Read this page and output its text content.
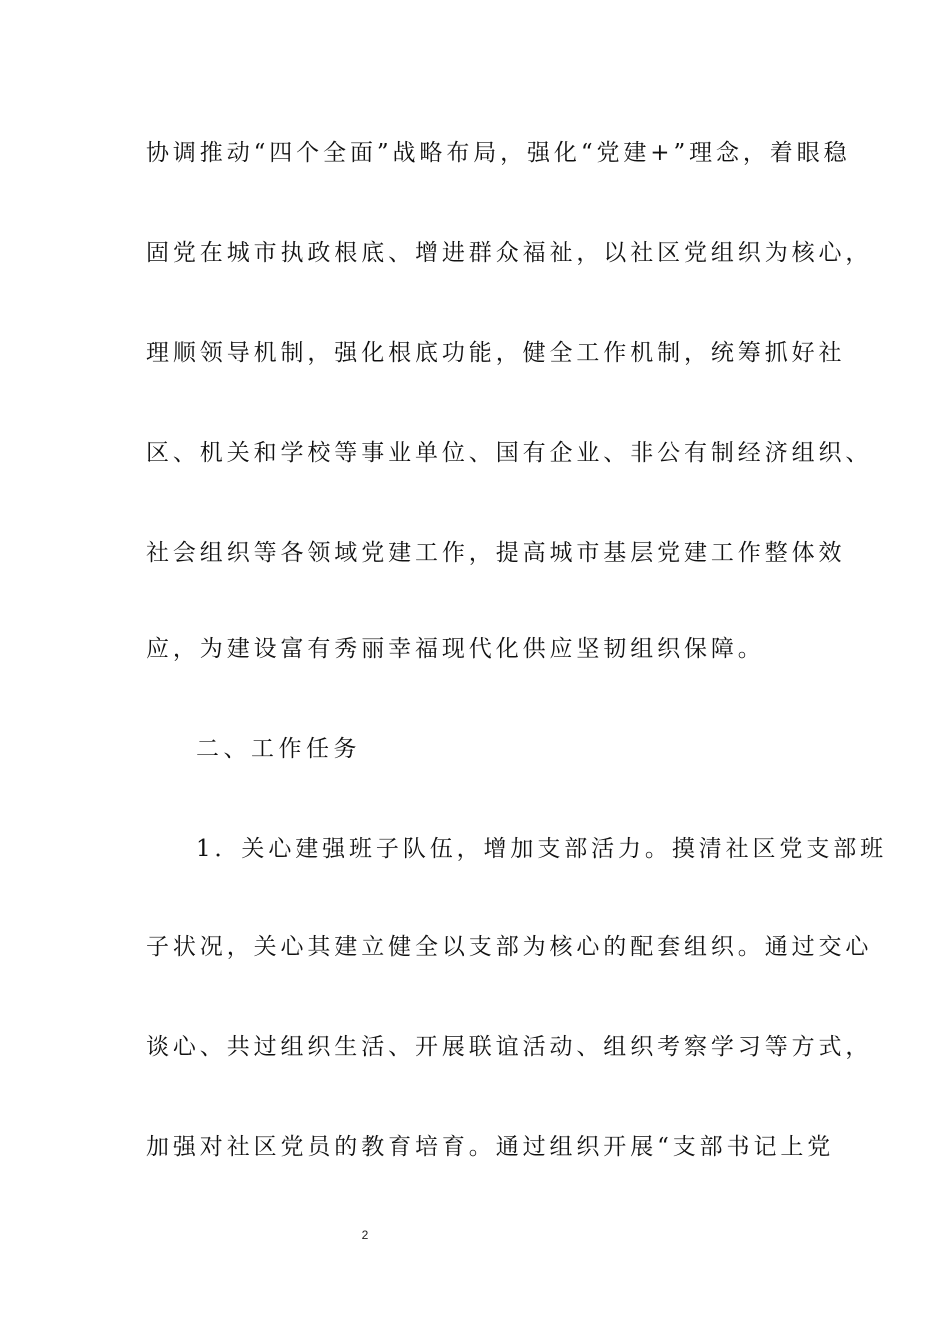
协调推动“四个全面”战略布局，强化“党建+”理念，着眼稳
固党在城市执政根底、增进群众福祉，以社区党组织为核心，
理顺领导机制，强化根底功能，健全工作机制，统筹抓好社
区、机关和学校等事业单位、国有企业、非公有制经济组织、
社会组织等各领域党建工作，提高城市基层党建工作整体效
应，为建设富有秀丽幸福现代化供应坚韧组织保障。
二、工作任务
1．关心建强班子队伍，增加支部活力。摸清社区党支部班
子状况，关心其建立健全以支部为核心的配套组织。通过交心
谈心、共过组织生活、开展联谊活动、组织考察学习等方式，
加强对社区党员的教育培育。通过组织开展“支部书记上党
2
